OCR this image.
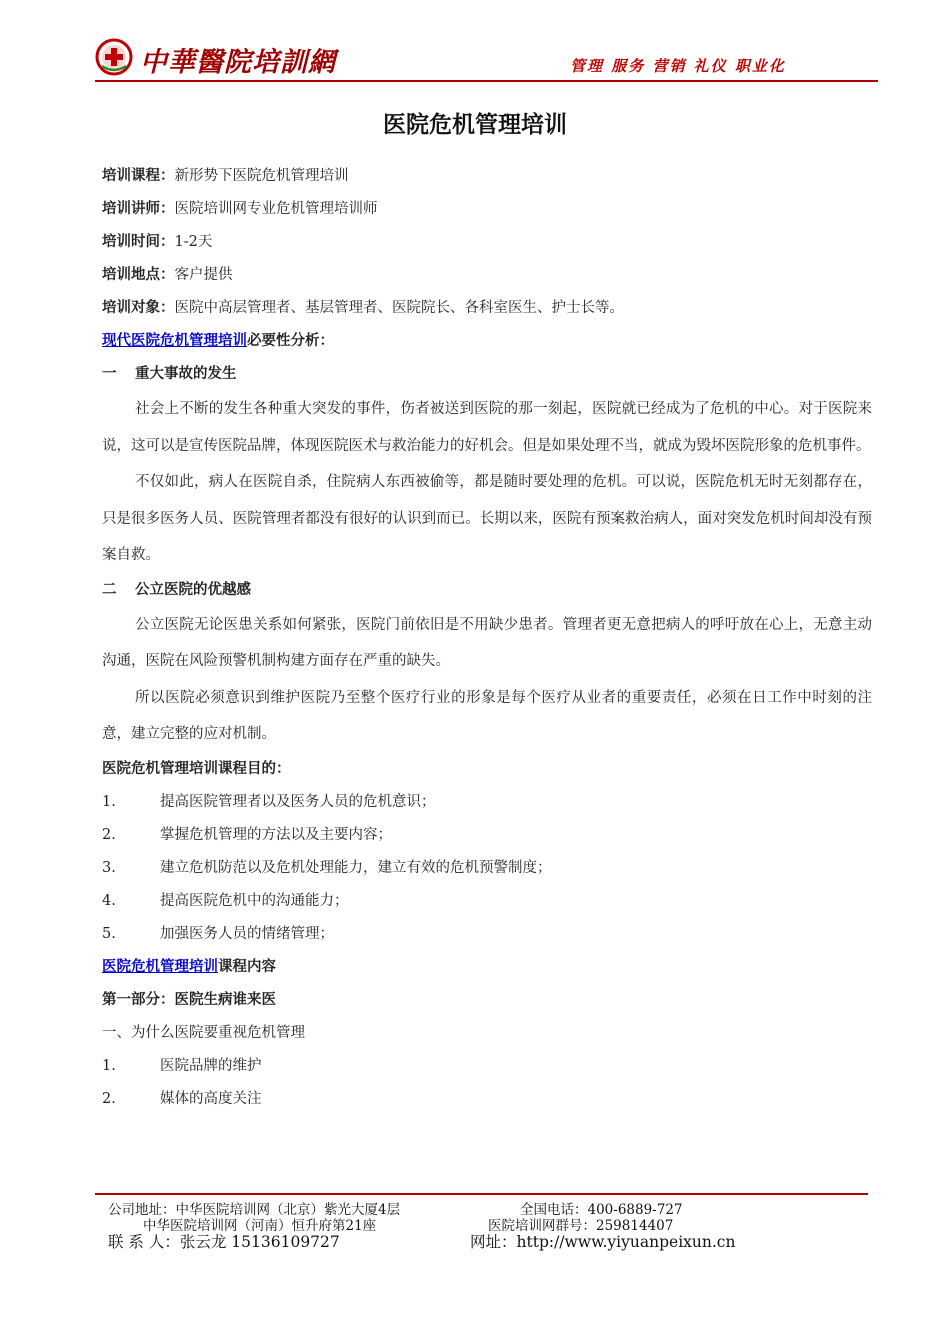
中華醫院培訓網	管理 服务 营销 礼仪 职业化
医院危机管理培训
培训课程：新形势下医院危机管理培训
培训讲师：医院培训网专业危机管理培训师
培训时间：1-2天
培训地点：客户提供
培训对象：医院中高层管理者、基层管理者、医院院长、各科室医生、护士长等。
现代医院危机管理培训必要性分析：
一 重大事故的发生

社会上不断的发生各种重大突发的事件，伤者被送到医院的那一刻起，医院就已经成为了危机的中心。对于医院来说，这可以是宣传医院品牌，体现医院医术与救治能力的好机会。但是如果处理不当，就成为毁坏医院形象的危机事件。

不仅如此，病人在医院自杀，住院病人东西被偷等，都是随时要处理的危机。可以说，医院危机无时无刻都存在，只是很多医务人员、医院管理者都没有很好的认识到而已。长期以来，医院有预案救治病人，面对突发危机时间却没有预案自救。

二 公立医院的优越感

公立医院无论医患关系如何紧张，医院门前依旧是不用缺少患者。管理者更无意把病人的呼吁放在心上，无意主动沟通，医院在风险预警机制构建方面存在严重的缺失。

所以医院必须意识到维护医院乃至整个医疗行业的形象是每个医疗从业者的重要责任，必须在日工作中时刻的注意，建立完整的应对机制。

医院危机管理培训课程目的：
1.	提高医院管理者以及医务人员的危机意识；
2.	掌握危机管理的方法以及主要内容；
3.	建立危机防范以及危机处理能力，建立有效的危机预警制度；
4.	提高医院危机中的沟通能力；
5.	加强医务人员的情绪管理；
医院危机管理培训课程内容
第一部分：医院生病谁来医
一、为什么医院要重视危机管理
1.	医院品牌的维护
2.	媒体的高度关注
公司地址：中华医院培训网（北京）紫光大厦4层	全国电话：400-6889-727
中华医院培训网（河南）恒升府第21座	医院培训网群号：259814407
联 系 人：张云龙 15136109727	网址：http://www.yiyuanpeixun.cn
